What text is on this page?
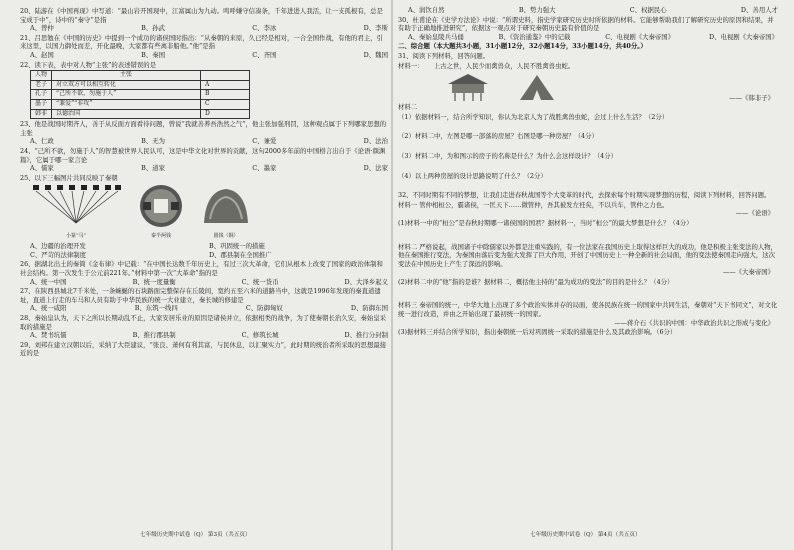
20、陆游在《中国再现》中写道：“最山岩开国现中，江富属山为九动。鸣呼嫌守信凑条，千年进进人我活，让一支孤根有，总是宝成于中”，诗中的“秦守”是指

A、曾仲	B、孙武	C、李冰	D、李斯

21、吕思勉在《中国的历史》中提到一个成功的诸侯国时指出：“从秦朝的来原，久已经是相对，一合全国作战，有他的君主，引来这里，以国力御处而差，开化最晚，大家都有些离非船他。”他”是指

A、赵国	B、秦国	C、齐国	D、魏国

22、读下表，表中对人物“主张”的表述错误的是

人物	主张	
老子	对立双方可以相互转化	A
孔子	“己所不欲，勿施于人”	B
墨子	“兼爱”“非攻”	C
韩非	以德治国	D

23、他是战国时期齐人，善于从反面方面看待问题，曾说“我就善养吾浩然之气”，他主张加强刑罚，这种观点属于下列哪家思想的主张

A、仁政	B、无为	C、兼爱	D、法治

24、“己所不欲，勿施于人”的智慧被世界人民认可，这是中华文化对世界的贡献，这句2000多年前的中国格言出自于《论语·颜渊篇》，它属于哪一家言论

A、儒家	B、道家	C、墨家	D、法家

25、以下三幅图片共同反映了秦朝

小篆“马”	秦半两钱	圆钱（铜）
A、边疆的治理开发	B、巩固统一的措施
C、严苛的法律制度	D、郡县制在全国推广

26、据湖北出土的秦简《金布律》中记载：“在中国长达数千年历史上，有过三次大革命，它们从根本上改变了国家的政治体制和社会结构。第一次发生于公元前221年。”材料中第一次“大革命”指的是

A、统一中国	B、统一度量衡	C、统一货币	D、大泽乡起义

27、在陕西县城北7千米处，一条蜿蜒的石块路面完整保存在丘陵间，宽约五至六米的道路当中，这就是1996年发现的秦直道遗址，直道上行走的车马和人员有助于中华民族的统一大业建立，秦长城的修建是

A、统一咸阳	B、东筑一线四	C、防御匈奴	D、防御东国

28、秦始皇认为，天下之所以长期动乱不止，大家安居乐业的原因是诸侯并立，依据相类的战争，为了使秦朝长治久安，秦始皇采取的措施是

A、焚书坑儒	B、推行郡县制	C、修筑长城	D、推行分封制

29、刘邦在建立汉朝以后，采纳了大臣建议，“张良、萧何有利其富，与民休息，以汇聚实力”，此时期的统治者所采取的思想最接近的是

七年级历史期中试卷（Q） 第3页（共五页）
A、润饮自然	B、势力强大	C、权据民心	D、善用人才

30、杜甫论在《史学方法论》中说：“所谓史料，指史学家研究历史时所依据的材料。它能够帮助我们了解研究历史的原因和结果，并有助于正确地推进研究”，依据这一观点对于研究秦朝历史最有价值的是

A、秦始皇陵兵马俑	B、《资治通鉴》中的记载	C、电视剧《大秦帝国》	D、电视剧《大秦帝国》

二、综合题（本大题共3小题，31小题12分，32小题14分，33小题14分，共40分。）

31、阅读下列材料，回答问题。

材料一： 上古之世，人民少而禽兽众，人民不胜禽兽虫蛇。

——《韩非子》

材料二

（1）依据材料一，结合所学知识，你认为北京人为了战胜禽兽虫蛇，会过上什么生活？（2分）

（2）材料二中，左图是哪一部落的房屋？右图是哪一种房屋？（4分）

（3）材料二中，为和图示的房子的名称是什么？为什么会这样设计？（4分）

（4）以上两种房屋的设计思路说明了什么？（2分）

32、不同时期有不同的梦想，让我们走进春秋战国等个大变革的时代，去探索每个时期实现梦想的历程，阅读下列材料，回答问题。

材料一 管仲相桓公，霸诸侯，一匡天下……微管仲，吾其被发左衽矣，不以兵车，管仲之力也。

——《论语》

(1)材料一中的“桓公”是春秋时期哪一诸侯国的国君？据材料一，当时“桓公”的最大梦想是什么？（4分）

材料二 严格说起，战国诸子中除儒家以外都是注重实践的，有一位法家在我国历史上取得这样巨大的成功，他是积极主张变法的人物，他在秦国推行变法，为秦国由落后变为强大发挥了巨大作用，开创了中国历史上一种全新的社会局面，他的变法使秦国走向强大，这次变法在中国历史上产生了深远的影响。

——《大秦帝国》

(2)材料二中的“他”指的是谁？据材料二，概括他主持的“最为成功的变法”的目的是什么？（4分）

材料三 秦帝国的统一，中华大地上出现了多个政治实体并存的局面，使各民族在统一的国家中共同生活，秦朝对“天下书同文”，对文化统一进行改造，并由之开始出现了最初统一的国家。

——蒋介石《共识的中国：中华政治共识之形成与变化》

(3)据材料三并结合所学知识，指出秦朝统一后对巩固统一采取的措施是什么及其政治影响。（6分）

七年级历史期中试卷（Q） 第4页（共五页）
